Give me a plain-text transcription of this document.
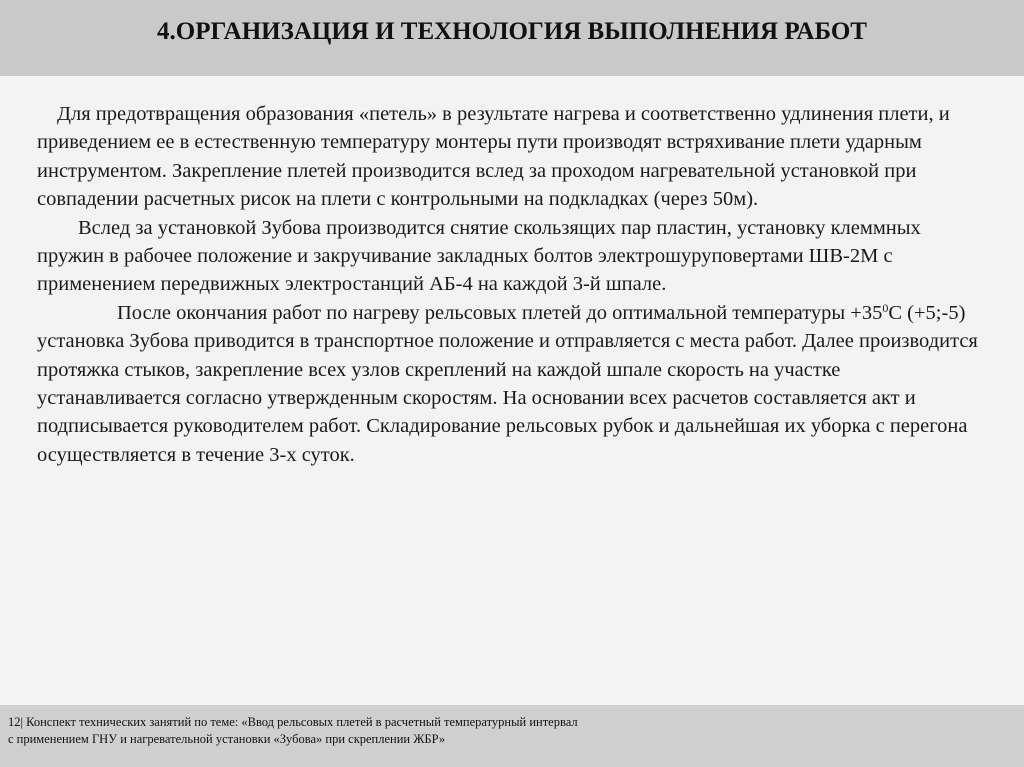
4.ОРГАНИЗАЦИЯ И ТЕХНОЛОГИЯ ВЫПОЛНЕНИЯ РАБОТ

Для предотвращения образования «петель» в результате нагрева и соответственно удлинения плети, и приведением ее в естественную температуру монтеры пути производят встряхивание плети ударным инструментом. Закрепление плетей производится вслед за проходом нагревательной установкой при совпадении расчетных рисок на плети с контрольными на подкладках (через 50м).

Вслед за установкой Зубова производится снятие скользящих пар пластин, установку клеммных пружин в рабочее положение и закручивание закладных болтов электрошуруповертами ШВ-2М с применением передвижных электростанций АБ-4 на каждой 3-й шпале.

После окончания работ по нагреву рельсовых плетей до оптимальной температуры $+35^0С$ (+5;-5) установка Зубова приводится в транспортное положение и отправляется с места работ. Далее производится протяжка стыков, закрепление всех узлов скреплений на каждой шпале скорость на участке устанавливается согласно утвержденным скоростям. На основании всех расчетов составляется акт и подписывается руководителем работ. Складирование рельсовых рубок и дальнейшая их уборка с перегона осуществляется в течение 3-х суток.

12| Конспект технических занятий по теме: «Ввод рельсовых плетей в расчетный температурный интервал
с применением ГНУ и нагревательной установки «Зубова» при скреплении ЖБР»
